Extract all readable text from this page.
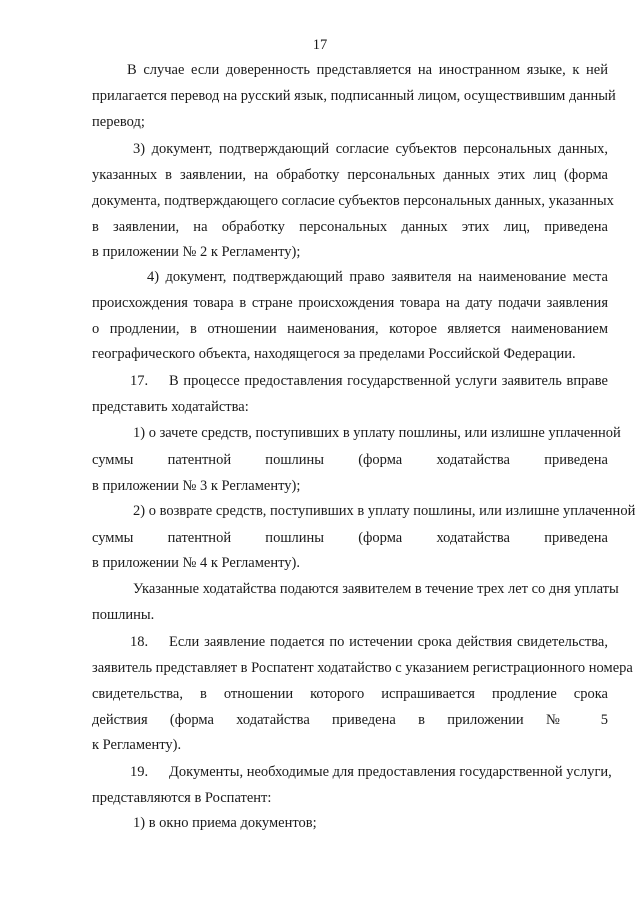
17
В случае если доверенность представляется на иностранном языке, к ней
прилагается перевод на русский язык, подписанный лицом, осуществившим данный
перевод;
3) документ, подтверждающий согласие субъектов персональных данных,
указанных в заявлении, на обработку персональных данных этих лиц (форма
документа, подтверждающего согласие субъектов персональных данных, указанных
в заявлении, на обработку персональных данных этих лиц, приведена
в приложении № 2 к Регламенту);
4) документ, подтверждающий право заявителя на наименование места
происхождения товара в стране происхождения товара на дату подачи заявления
о продлении, в отношении наименования, которое является наименованием
географического объекта, находящегося за пределами Российской Федерации.
17. В процессе предоставления государственной услуги заявитель вправе
представить ходатайства:
1) о зачете средств, поступивших в уплату пошлины, или излишне уплаченной
суммы патентной пошлины (форма ходатайства приведена
в приложении № 3 к Регламенту);
2) о возврате средств, поступивших в уплату пошлины, или излишне уплаченной
суммы патентной пошлины (форма ходатайства приведена
в приложении № 4 к Регламенту).
Указанные ходатайства подаются заявителем в течение трех лет со дня уплаты
пошлины.
18. Если заявление подается по истечении срока действия свидетельства,
заявитель представляет в Роспатент ходатайство с указанием регистрационного номера
свидетельства, в отношении которого испрашивается продление срока
действия (форма ходатайства приведена в приложении № 5
к Регламенту).
19. Документы, необходимые для предоставления государственной услуги,
представляются в Роспатент:
1) в окно приема документов;
